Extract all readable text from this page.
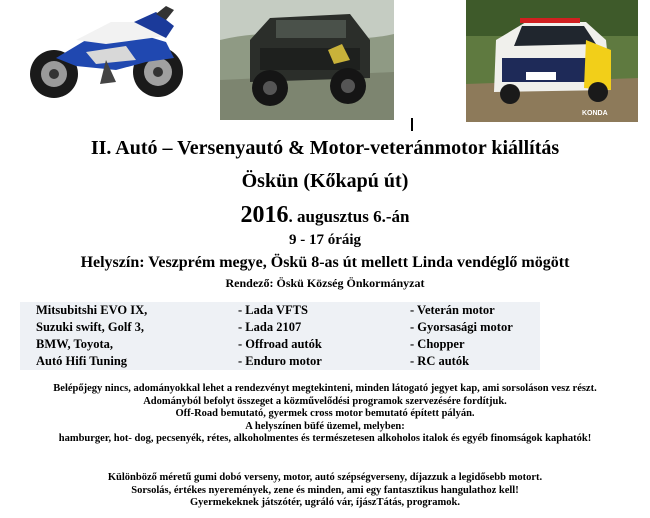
KONDA
II. Autó – Versenyautó & Motor-veteránmotor kiállítás
Öskün (Kőkapú út)
2016. augusztus 6.-án
9 - 17 óráig
Helyszín: Veszprém megye, Öskü 8-as út mellett Linda vendéglő mögött
Rendező: Öskü Község Önkormányzat
Mitsubitshi EVO IX,
Suzuki swift, Golf 3,
BMW, Toyota,
Autó Hifi Tuning
- Lada VFTS
- Lada 2107
- Offroad autók
- Enduro motor
- Veterán motor
- Gyorsasági motor
- Chopper
- RC autók
Belépőjegy nincs, adományokkal lehet a rendezvényt megtekinteni, minden látogató jegyet kap, ami sorsoláson vesz részt.
Adományból befolyt összeget a közművelődési programok szervezésére fordítjuk.
Off-Road bemutató, gyermek cross motor bemutató épített pályán.
A helyszínen büfé üzemel, melyben:
hamburger, hot- dog, pecsenyék, rétes, alkoholmentes és természetesen alkoholos italok és egyéb finomságok kaphatók!
Különböző méretű gumi dobó verseny, motor, autó szépségverseny, díjazzuk a legidősebb motort.
Sorsolás, értékes nyeremények, zene és minden, ami egy fantasztikus hangulathoz kell!
Gyermekeknek játszótér, ugráló vár, íjászTátás, programok.
